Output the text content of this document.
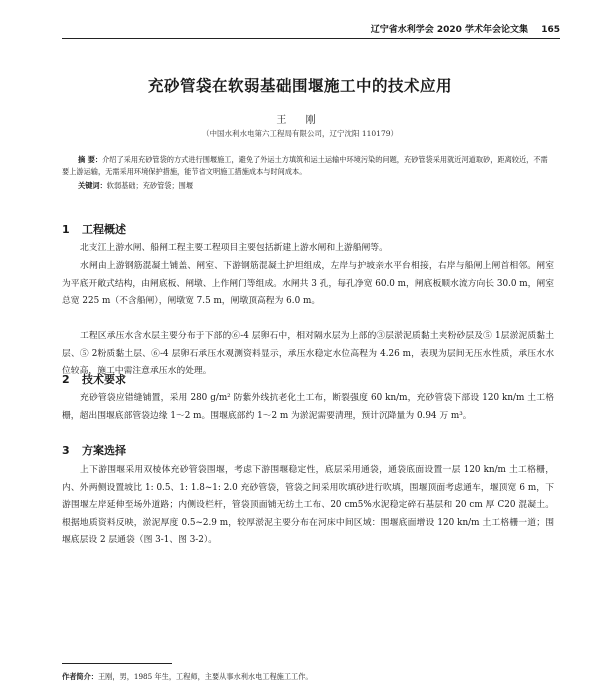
辽宁省水利学会 2020 学术年会论文集 165
充砂管袋在软弱基础围堰施工中的技术应用
王 刚
（中国水利水电第六工程局有限公司，辽宁沈阳 110179）
摘 要：介绍了采用充砂管袋的方式进行围堰施工，避免了外运土方填筑和运土运输中环境污染的问题，充砂管袋采用就近河道取砂，距离较近，不需要上游运输，无需采用环境保护措施，能节省文明施工措施成本与时间成本。
关键词：软弱基础；充砂管袋；围堰
1 工程概述
北支江上游水闸、船闸工程主要工程项目主要包括新建上游水闸和上游船闸等。
水闸由上游钢筋混凝土铺盖、闸室、下游钢筋混凝土护坦组成，左岸与护坡亲水平台相接，右岸与船闸上闸首相邻。闸室为平底开敞式结构，由闸底板、闸墩、上作闸门等组成。水闸共 3 孔，每孔净宽 60.0 m，闸底板顺水流方向长 30.0 m，闸室总宽 225 m（不含船闸），闸墩宽 7.5 m，闸墩顶高程为 6.0 m。
工程区承压水含水层主要分布于下部的⑥-4 层卵石中，相对隔水层为上部的③层淤泥质黏土夹粉砂层及⑤ 1层淤泥质黏土层、⑤ 2粉质黏土层、⑥-4 层卵石承压水观测资料显示，承压水稳定水位高程为 4.26 m，表现为层间无压水性质，承压水水位较高，施工中需注意承压水的处理。
2 技术要求
充砂管袋应错缝铺置，采用 280 g/m² 防紫外线抗老化土工布，断裂强度 60 kn/m，充砂管袋下部设 120 kn/m 土工格栅，超出围堰底部管袋边缘 1～2 m。围堰底部约 1～2 m 为淤泥需要清理，预计沉降量为 0.94 万 m³。
3 方案选择
上下游围堰采用双棱体充砂管袋围堰，考虑下游围堰稳定性，底层采用通袋，通袋底面设置一层 120 kn/m 土工格栅，内、外两侧设置坡比 1: 0.5、1: 1.8~1: 2.0 充砂管袋，管袋之间采用吹填砂进行吹填，围堰顶面考虑通车，堰顶宽 6 m，下游围堰左岸延伸至场外道路；内侧设栏杆，管袋顶面铺无纺土工布、20 cm5%水泥稳定碎石基层和 20 cm 厚 C20 混凝土。根据地质资料反映，淤泥厚度 0.5~2.9 m，较厚淤泥主要分布在河床中间区域：围堰底面增设 120 kn/m 土工格栅一道；围堰底层设 2 层通袋（图 3-1、图 3-2）。
作者简介：王刚，男，1985 年生，工程师，主要从事水利水电工程施工工作。
